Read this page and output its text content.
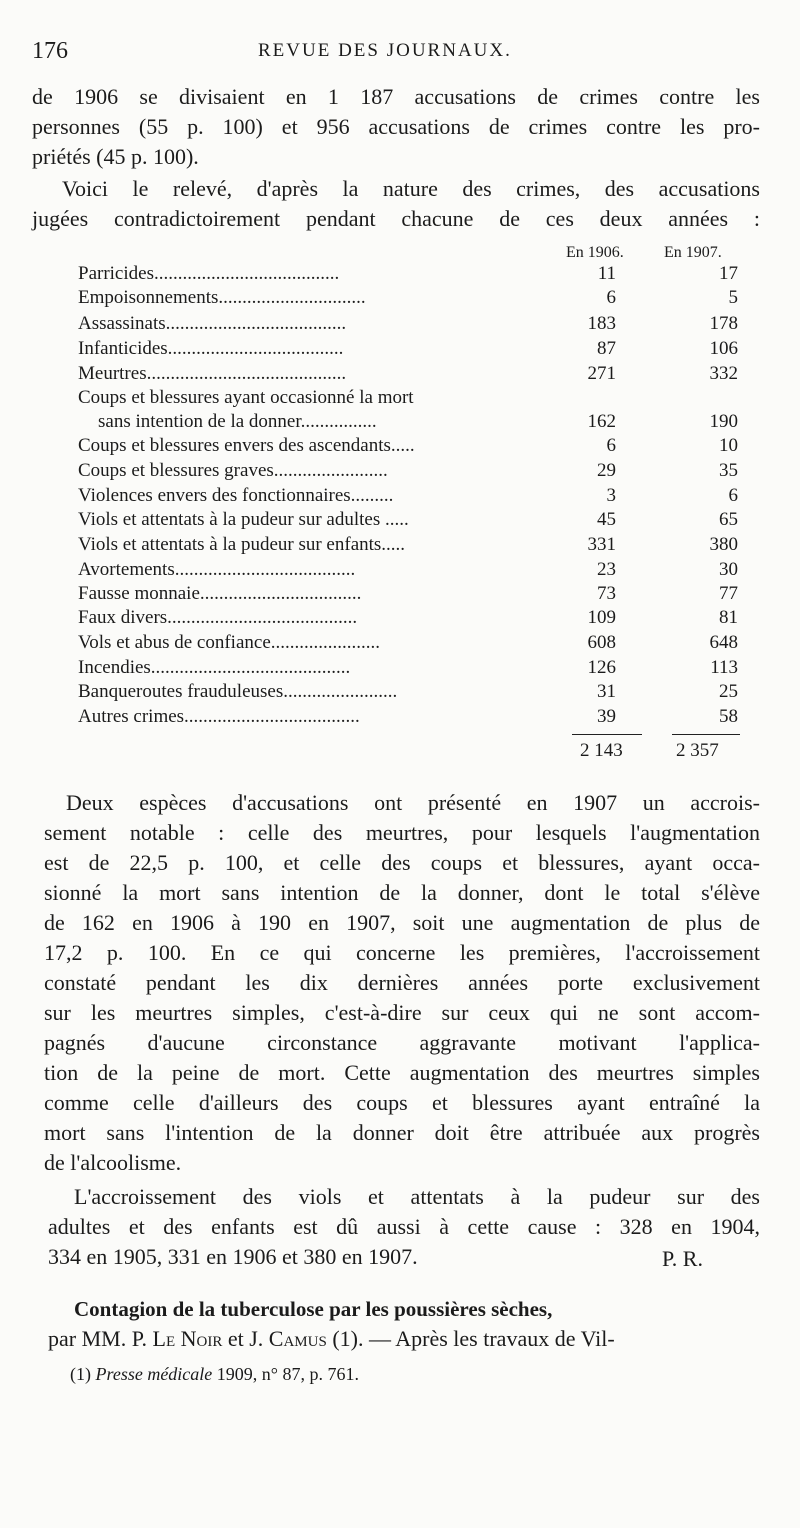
176	REVUE DES JOURNAUX.
de 1906 se divisaient en 1 187 accusations de crimes contre les
personnes (55 p. 100) et 956 accusations de crimes contre les pro-
priétés (45 p. 100).
Voici le relevé, d'après la nature des crimes, des accusations
jugées contradictoirement pendant chacune de ces deux années :
En 1906.	En 1907.
Parricides.......................................	11	17
Empoisonnements...............................	6	5
Assassinats......................................	183	178
Infanticides.....................................	87	106
Meurtres..........................................	271	332
Coups et blessures ayant occasionné la mort
sans intention de la donner................	162	190
Coups et blessures envers des ascendants.....	6	10
Coups et blessures graves........................	29	35
Violences envers des fonctionnaires.........	3	6
Viols et attentats à la pudeur sur adultes .....	45	65
Viols et attentats à la pudeur sur enfants.....	331	380
Avortements......................................	23	30
Fausse monnaie..................................	73	77
Faux divers........................................	109	81
Vols et abus de confiance.......................	608	648
Incendies..........................................	126	113
Banqueroutes frauduleuses........................	31	25
Autres crimes.....................................	39	58
2 143	2 357
Deux espèces d'accusations ont présenté en 1907 un accrois-
sement notable : celle des meurtres, pour lesquels l'augmentation
est de 22,5 p. 100, et celle des coups et blessures, ayant occa-
sionné la mort sans intention de la donner, dont le total s'élève
de 162 en 1906 à 190 en 1907, soit une augmentation de plus de
17,2 p. 100. En ce qui concerne les premières, l'accroissement
constaté pendant les dix dernières années porte exclusivement
sur les meurtres simples, c'est-à-dire sur ceux qui ne sont accom-
pagnés d'aucune circonstance aggravante motivant l'applica-
tion de la peine de mort. Cette augmentation des meurtres simples
comme celle d'ailleurs des coups et blessures ayant entraîné la
mort sans l'intention de la donner doit être attribuée aux progrès
de l'alcoolisme.
L'accroissement des viols et attentats à la pudeur sur des
adultes et des enfants est dû aussi à cette cause : 328 en 1904,
334 en 1905, 331 en 1906 et 380 en 1907.	P. R.
Contagion de la tuberculose par les poussières sèches,
par MM. P. Le Noir et J. Camus (1). — Après les travaux de Vil-
(1) Presse médicale 1909, n° 87, p. 761.
